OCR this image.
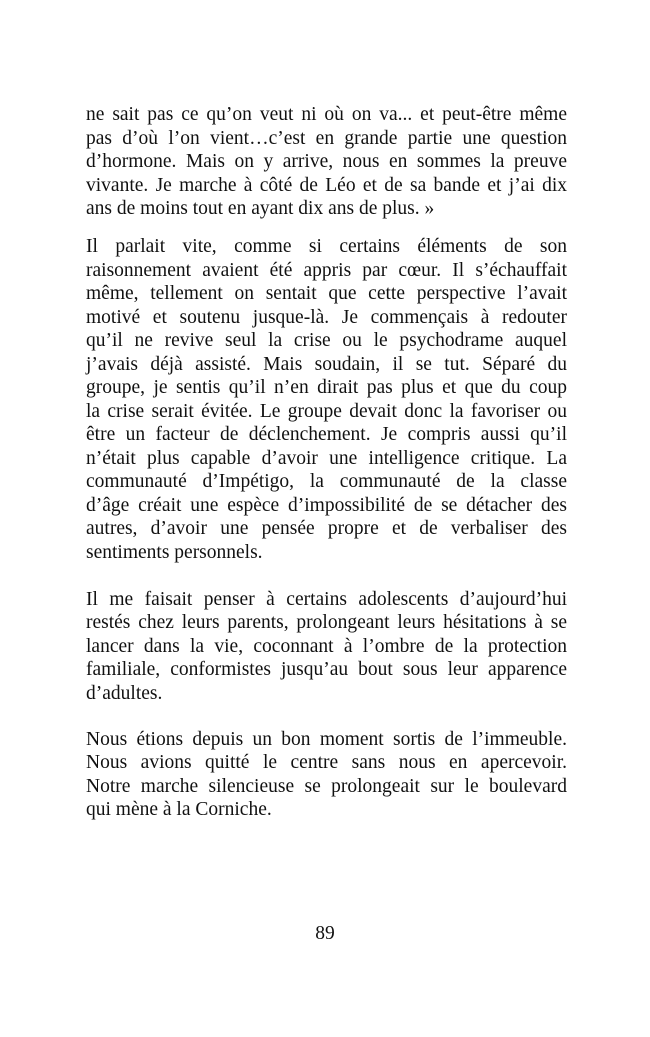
ne sait pas ce qu’on veut ni où on va... et peut-être même
pas d’où l’on vient…c’est en grande partie une question
d’hormone. Mais on y arrive, nous en sommes la preuve
vivante. Je marche à côté de Léo et de sa bande et j’ai dix
ans de moins tout en ayant dix ans de plus. »

Il parlait vite, comme si certains éléments de son
raisonnement avaient été appris par cœur. Il s’échauffait
même, tellement on sentait que cette perspective l’avait
motivé et soutenu jusque-là. Je commençais à redouter
qu’il ne revive seul la crise ou le psychodrame auquel
j’avais déjà assisté. Mais soudain, il se tut. Séparé du
groupe, je sentis qu’il n’en dirait pas plus et que du coup
la crise serait évitée. Le groupe devait donc la favoriser ou
être un facteur de déclenchement. Je compris aussi qu’il
n’était plus capable d’avoir une intelligence critique. La
communauté d’Impétigo, la communauté de la classe
d’âge créait une espèce d’impossibilité de se détacher des
autres, d’avoir une pensée propre et de verbaliser des
sentiments personnels.

Il me faisait penser à certains adolescents d’aujourd’hui
restés chez leurs parents, prolongeant leurs hésitations à se
lancer dans la vie, coconnant à l’ombre de la protection
familiale, conformistes jusqu’au bout sous leur apparence
d’adultes.

Nous étions depuis un bon moment sortis de l’immeuble.
Nous avions quitté le centre sans nous en apercevoir.
Notre marche silencieuse se prolongeait sur le boulevard
qui mène à la Corniche.

89
